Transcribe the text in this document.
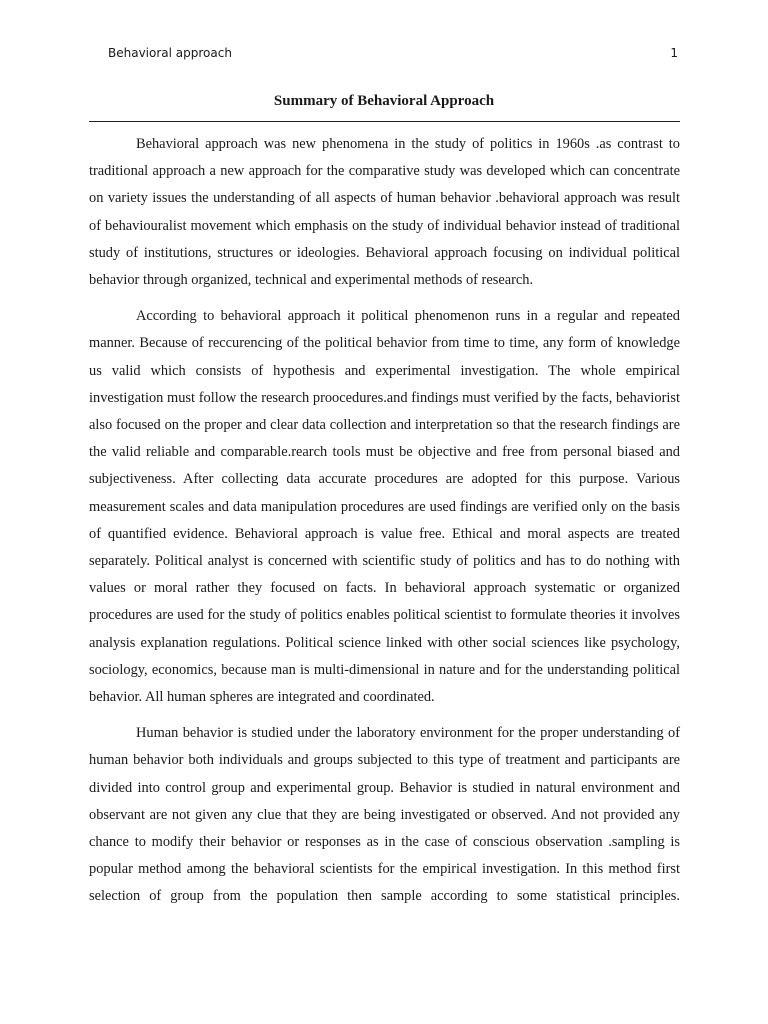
Behavioral approach	1
Summary of Behavioral Approach

Behavioral approach was new phenomena in the study of politics in 1960s .as contrast to traditional approach a new approach for the comparative study was developed which can concentrate on variety issues the understanding of all aspects of human behavior .behavioral approach was result of behaviouralist movement which emphasis on the study of individual behavior instead of traditional study of institutions, structures or ideologies. Behavioral approach focusing on individual political behavior through organized, technical and experimental methods of research.

According to behavioral approach it political phenomenon runs in a regular and repeated manner. Because of reccurencing of the political behavior from time to time, any form of knowledge us valid which consists of hypothesis and experimental investigation. The whole empirical investigation must follow the research proocedures.and findings must verified by the facts, behaviorist also focused on the proper and clear data collection and interpretation so that the research findings are the valid reliable and comparable.rearch tools must be objective and free from personal biased and subjectiveness. After collecting data accurate procedures are adopted for this purpose. Various measurement scales and data manipulation procedures are used findings are verified only on the basis of quantified evidence. Behavioral approach is value free. Ethical and moral aspects are treated separately. Political analyst is concerned with scientific study of politics and has to do nothing with values or moral rather they focused on facts. In behavioral approach systematic or organized procedures are used for the study of politics enables political scientist to formulate theories it involves analysis explanation regulations. Political science linked with other social sciences like psychology, sociology, economics, because man is multi-dimensional in nature and for the understanding political behavior. All human spheres are integrated and coordinated.

Human behavior is studied under the laboratory environment for the proper understanding of human behavior both individuals and groups subjected to this type of treatment and participants are divided into control group and experimental group. Behavior is studied in natural environment and observant are not given any clue that they are being investigated or observed. And not provided any chance to modify their behavior or responses as in the case of conscious observation .sampling is popular method among the behavioral scientists for the empirical investigation. In this method first selection of group from the population then sample according to some statistical principles.
